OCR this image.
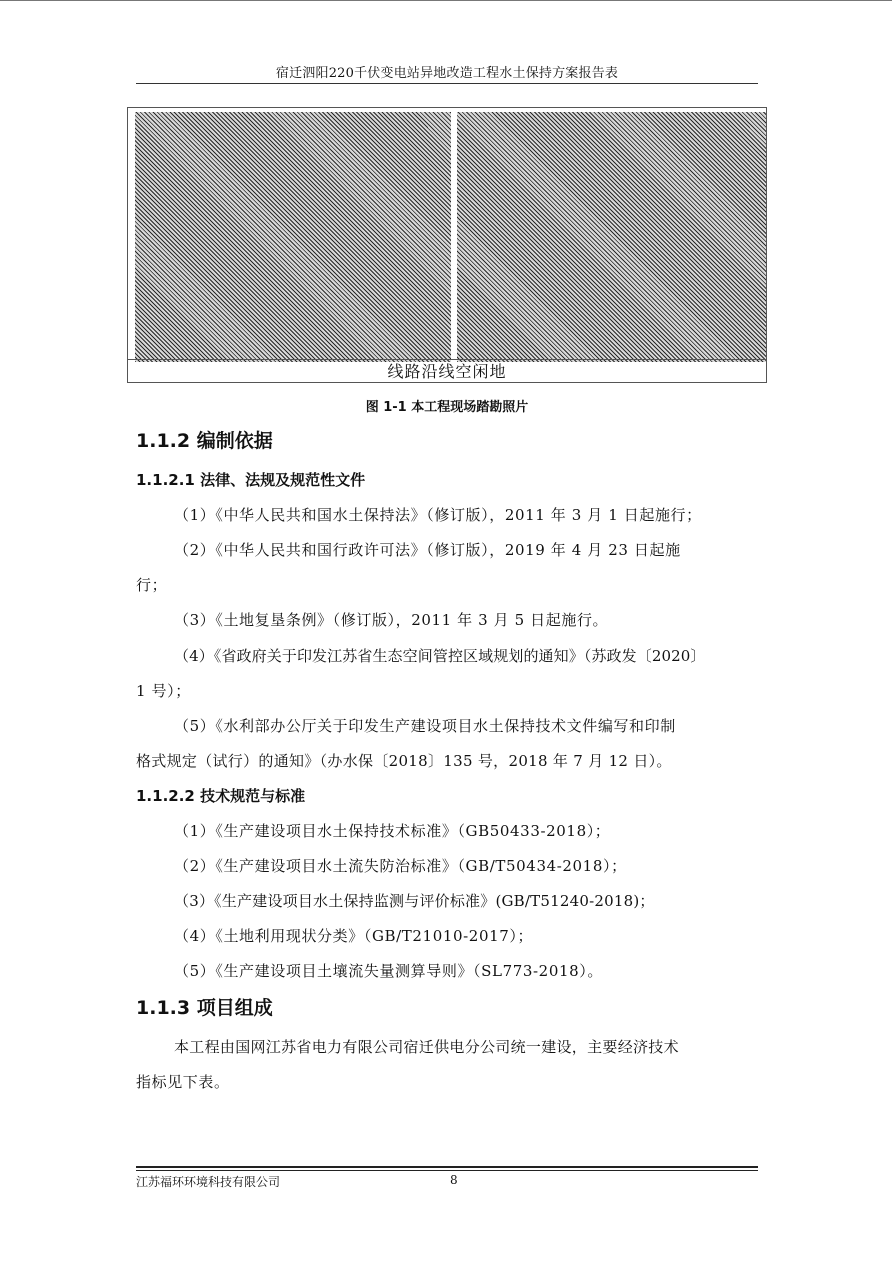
宿迁泗阳220千伏变电站异地改造工程水土保持方案报告表
线路沿线空闲地
图 1-1 本工程现场踏勘照片
1.1.2 编制依据
1.1.2.1 法律、法规及规范性文件
（1）《中华人民共和国水土保持法》（修订版），2011 年 3 月 1 日起施行；
（2）《中华人民共和国行政许可法》（修订版），2019 年 4 月 23 日起施
行；
（3）《土地复垦条例》（修订版），2011 年 3 月 5 日起施行。
（4）《省政府关于印发江苏省生态空间管控区域规划的通知》（苏政发〔2020〕
1 号）；
（5）《水利部办公厅关于印发生产建设项目水土保持技术文件编写和印制
格式规定（试行）的通知》（办水保〔2018〕135 号，2018 年 7 月 12 日）。
1.1.2.2 技术规范与标准
（1）《生产建设项目水土保持技术标准》（GB50433-2018）；
（2）《生产建设项目水土流失防治标准》（GB/T50434-2018）；
（3）《生产建设项目水土保持监测与评价标准》(GB/T51240-2018)；
（4）《土地利用现状分类》（GB/T21010-2017）；
（5）《生产建设项目土壤流失量测算导则》（SL773-2018）。
1.1.3 项目组成
本工程由国网江苏省电力有限公司宿迁供电分公司统一建设，主要经济技术
指标见下表。
江苏福环环境科技有限公司	8
